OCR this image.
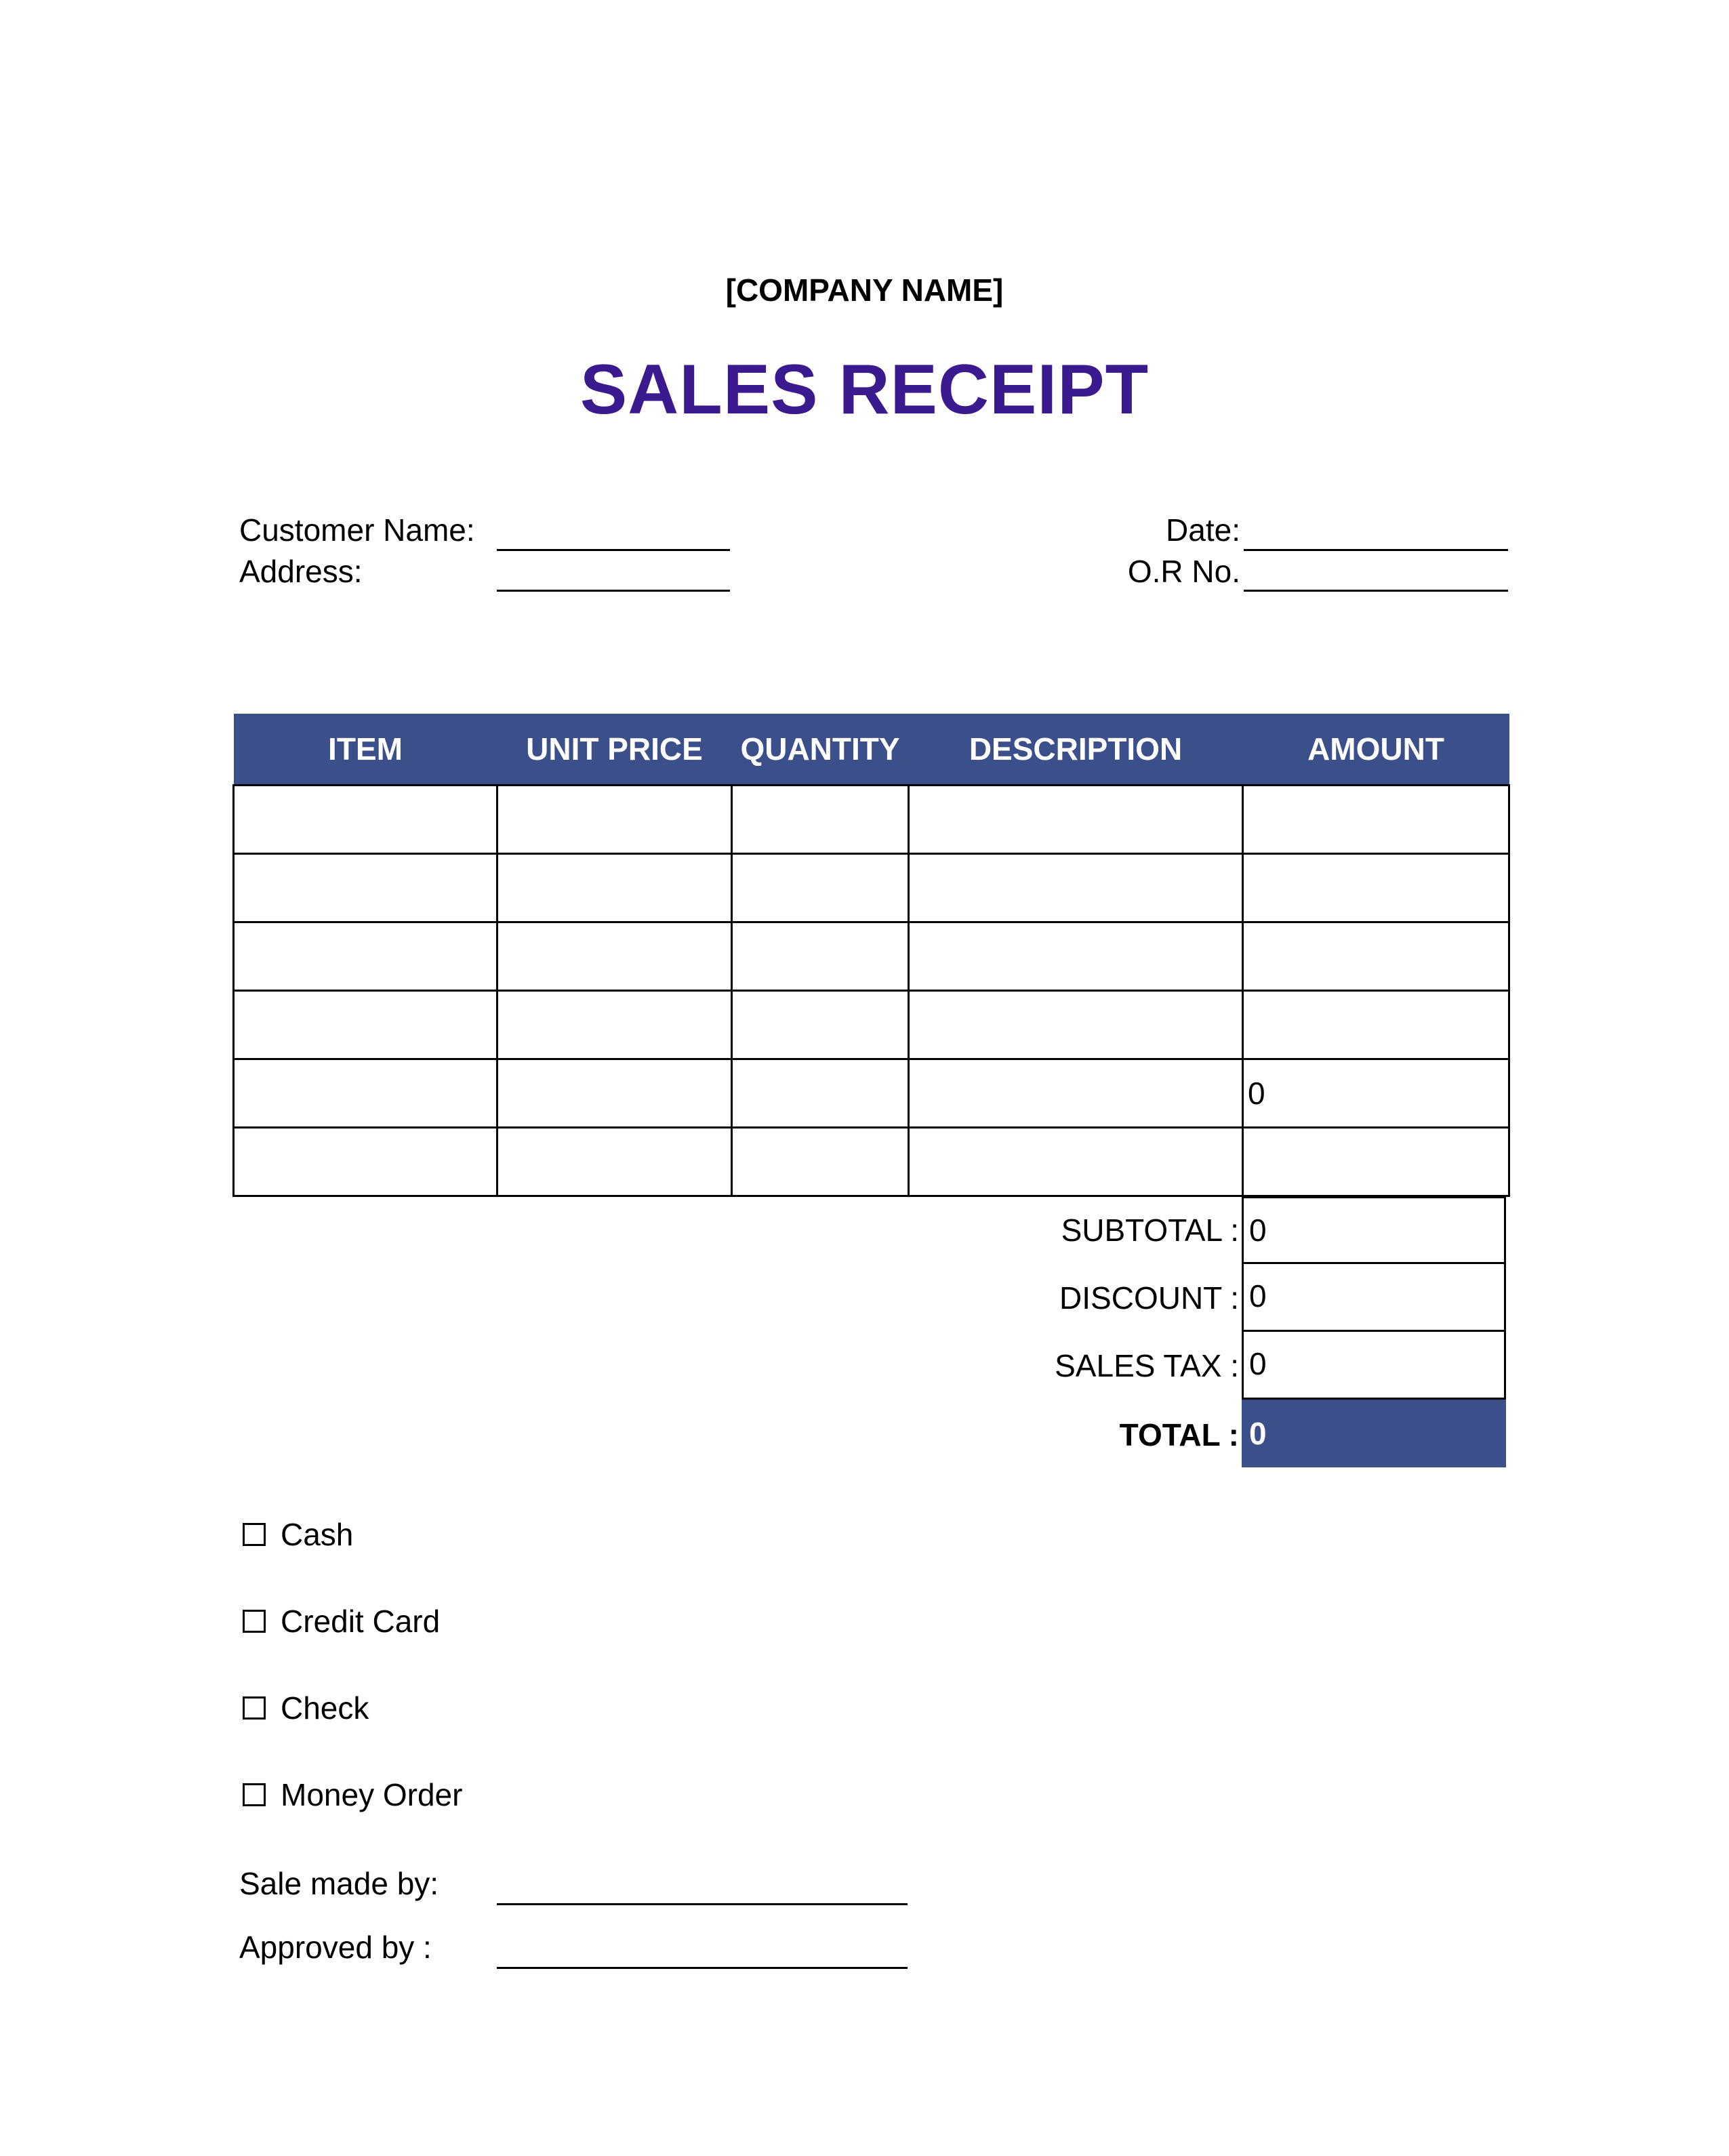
[COMPANY NAME]
SALES RECEIPT
Customer Name:
Address:
Date:
O.R No.
ITEM	UNIT PRICE	QUANTITY	DESCRIPTION	AMOUNT

				0

SUBTOTAL : 0
DISCOUNT : 0
SALES TAX : 0
TOTAL : 0
Cash
Credit Card
Check
Money Order
Sale made by:
Approved by :
